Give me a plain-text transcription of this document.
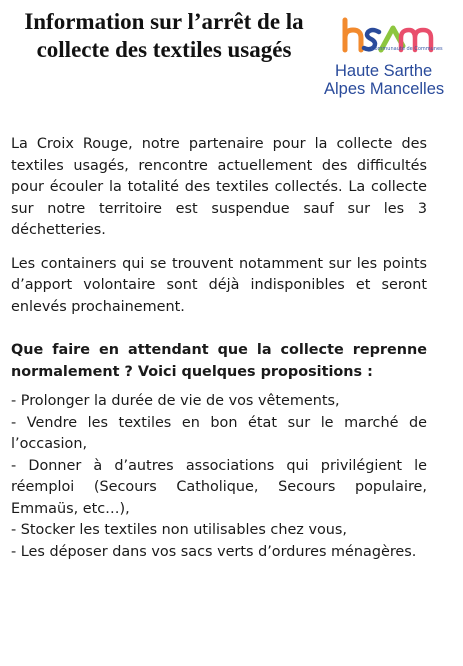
Information sur l’arrêt de la collecte des textiles usagés	Communauté de Communes
Haute Sarthe
Alpes Mancelles

La Croix Rouge, notre partenaire pour la collecte des textiles usagés, rencontre actuellement des difficultés pour écouler la totalité des textiles collectés. La collecte sur notre territoire est suspendue sauf sur les 3 déchetteries.

Les containers qui se trouvent notamment sur les points d’apport volontaire sont déjà indisponibles et seront enlevés prochainement.

Que faire en attendant que la collecte reprenne normalement ? Voici quelques propositions :

- Prolonger la durée de vie de vos vêtements,
- Vendre les textiles en bon état sur le marché de l’occasion,
- Donner à d’autres associations qui privilégient le réemploi (Secours Catholique, Secours populaire, Emmaüs, etc…),
- Stocker les textiles non utilisables chez vous,
- Les déposer dans vos sacs verts d’ordures ménagères.
